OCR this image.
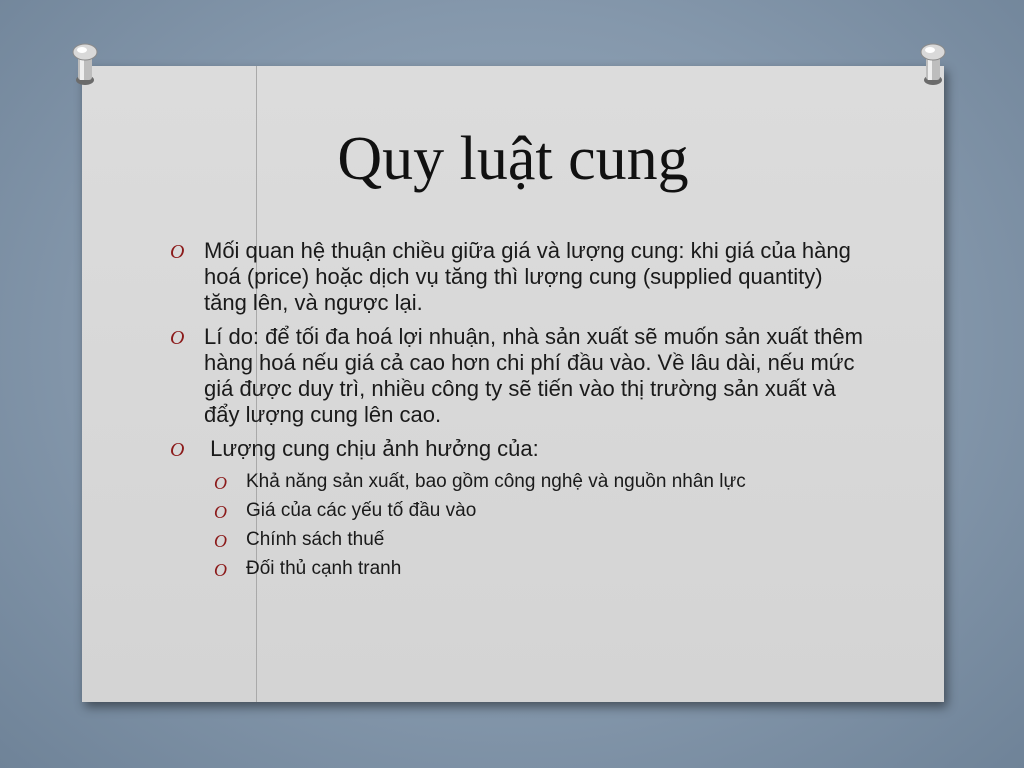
Quy luật cung
O Mối quan hệ thuận chiều giữa giá và lượng cung: khi giá của hàng hoá (price) hoặc dịch vụ tăng thì lượng cung (supplied quantity) tăng lên, và ngược lại.
O Lí do: để tối đa hoá lợi nhuận, nhà sản xuất sẽ muốn sản xuất thêm hàng hoá nếu giá cả cao hơn chi phí đầu vào. Về lâu dài, nếu mức giá được duy trì, nhiều công ty sẽ tiến vào thị trường sản xuất và đẩy lượng cung lên cao.
O Lượng cung chịu ảnh hưởng của:
O Khả năng sản xuất, bao gồm công nghệ và nguồn nhân lực
O Giá của các yếu tố đầu vào
O Chính sách thuế
O Đối thủ cạnh tranh
